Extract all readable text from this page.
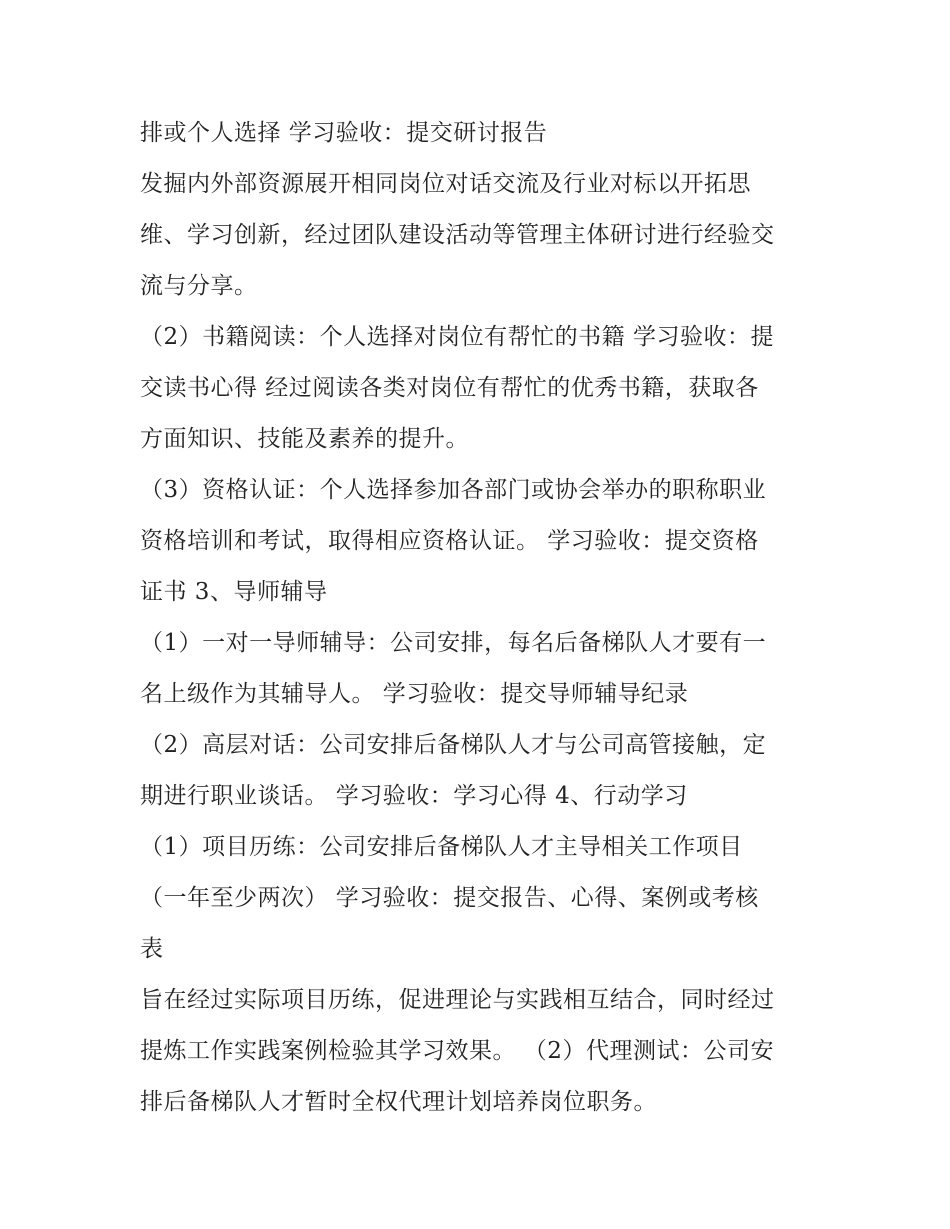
排或个人选择 学习验收：提交研讨报告
发掘内外部资源展开相同岗位对话交流及行业对标以开拓思
维、学习创新，经过团队建设活动等管理主体研讨进行经验交
流与分享。
（2）书籍阅读：个人选择对岗位有帮忙的书籍 学习验收：提
交读书心得 经过阅读各类对岗位有帮忙的优秀书籍，获取各
方面知识、技能及素养的提升。
（3）资格认证：个人选择参加各部门或协会举办的职称职业
资格培训和考试，取得相应资格认证。 学习验收：提交资格
证书 3、导师辅导
（1）一对一导师辅导：公司安排，每名后备梯队人才要有一
名上级作为其辅导人。 学习验收：提交导师辅导纪录
（2）高层对话：公司安排后备梯队人才与公司高管接触，定
期进行职业谈话。 学习验收：学习心得 4、行动学习
（1）项目历练：公司安排后备梯队人才主导相关工作项目
（一年至少两次） 学习验收：提交报告、心得、案例或考核
表
旨在经过实际项目历练，促进理论与实践相互结合，同时经过
提炼工作实践案例检验其学习效果。 （2）代理测试：公司安
排后备梯队人才暂时全权代理计划培养岗位职务。
